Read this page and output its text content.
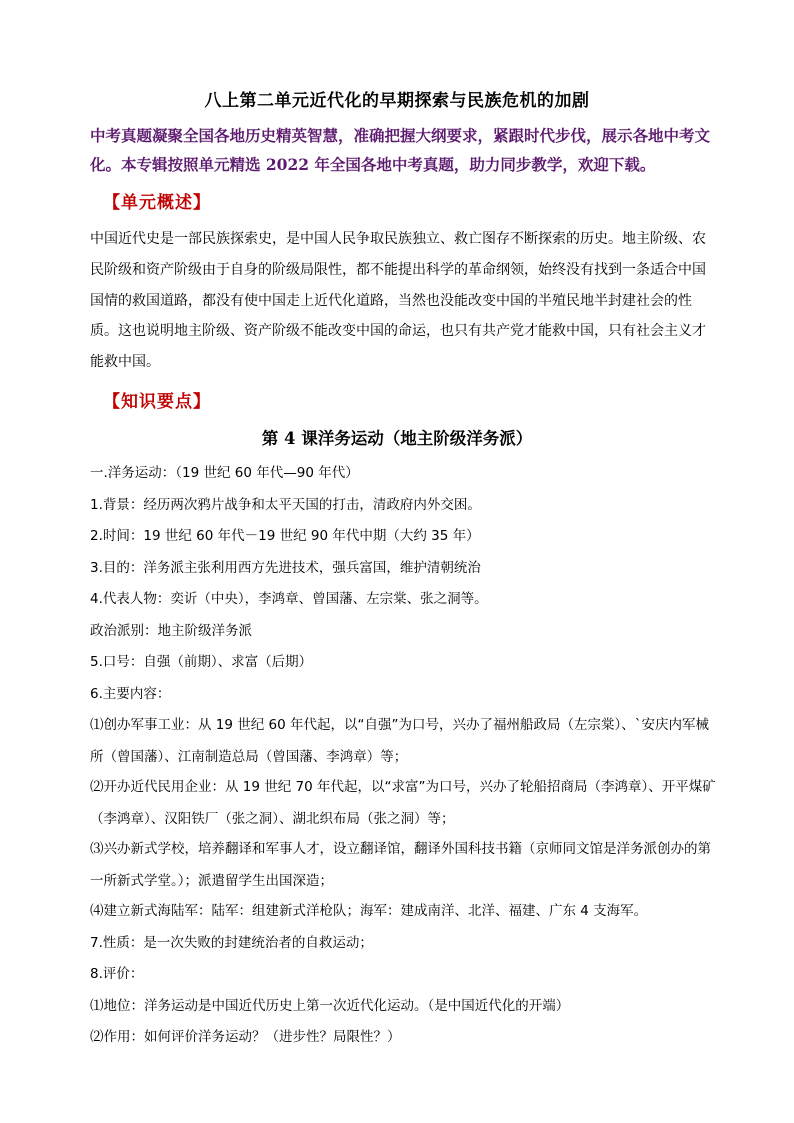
八上第二单元近代化的早期探索与民族危机的加剧
中考真题凝聚全国各地历史精英智慧，准确把握大纲要求，紧跟时代步伐，展示各地中考文化。本专辑按照单元精选 2022 年全国各地中考真题，助力同步教学，欢迎下载。
【单元概述】
中国近代史是一部民族探索史，是中国人民争取民族独立、救亡图存不断探索的历史。地主阶级、农民阶级和资产阶级由于自身的阶级局限性，都不能提出科学的革命纲领，始终没有找到一条适合中国国情的救国道路，都没有使中国走上近代化道路，当然也没能改变中国的半殖民地半封建社会的性质。这也说明地主阶级、资产阶级不能改变中国的命运，也只有共产党才能救中国，只有社会主义才能救中国。
【知识要点】
第 4 课洋务运动（地主阶级洋务派）
一.洋务运动：（19 世纪 60 年代—90 年代）
1.背景：经历两次鸦片战争和太平天国的打击，清政府内外交困。
2.时间：19 世纪 60 年代－19 世纪 90 年代中期（大约 35 年）
3.目的：洋务派主张利用西方先进技术，强兵富国，维护清朝统治
4.代表人物：奕䜣（中央），李鸿章、曾国藩、左宗棠、张之洞等。
政治派别：地主阶级洋务派
5.口号：自强（前期）、求富（后期）
6.主要内容：
⑴创办军事工业：从 19 世纪 60 年代起，以“自强”为口号，兴办了福州船政局（左宗棠）、`安庆内军械所（曾国藩）、江南制造总局（曾国藩、李鸿章）等；
⑵开办近代民用企业：从 19 世纪 70 年代起，以“求富”为口号，兴办了轮船招商局（李鸿章）、开平煤矿（李鸿章）、汉阳铁厂（张之洞）、湖北织布局（张之洞）等；
⑶兴办新式学校，培养翻译和军事人才，设立翻译馆，翻译外国科技书籍（京师同文馆是洋务派创办的第一所新式学堂。）；派遣留学生出国深造；
⑷建立新式海陆军：陆军：组建新式洋枪队；海军：建成南洋、北洋、福建、广东 4 支海军。
7.性质：是一次失败的封建统治者的自救运动；
8.评价：
⑴地位：洋务运动是中国近代历史上第一次近代化运动。（是中国近代化的开端）
⑵作用：如何评价洋务运动？（进步性？局限性？）
